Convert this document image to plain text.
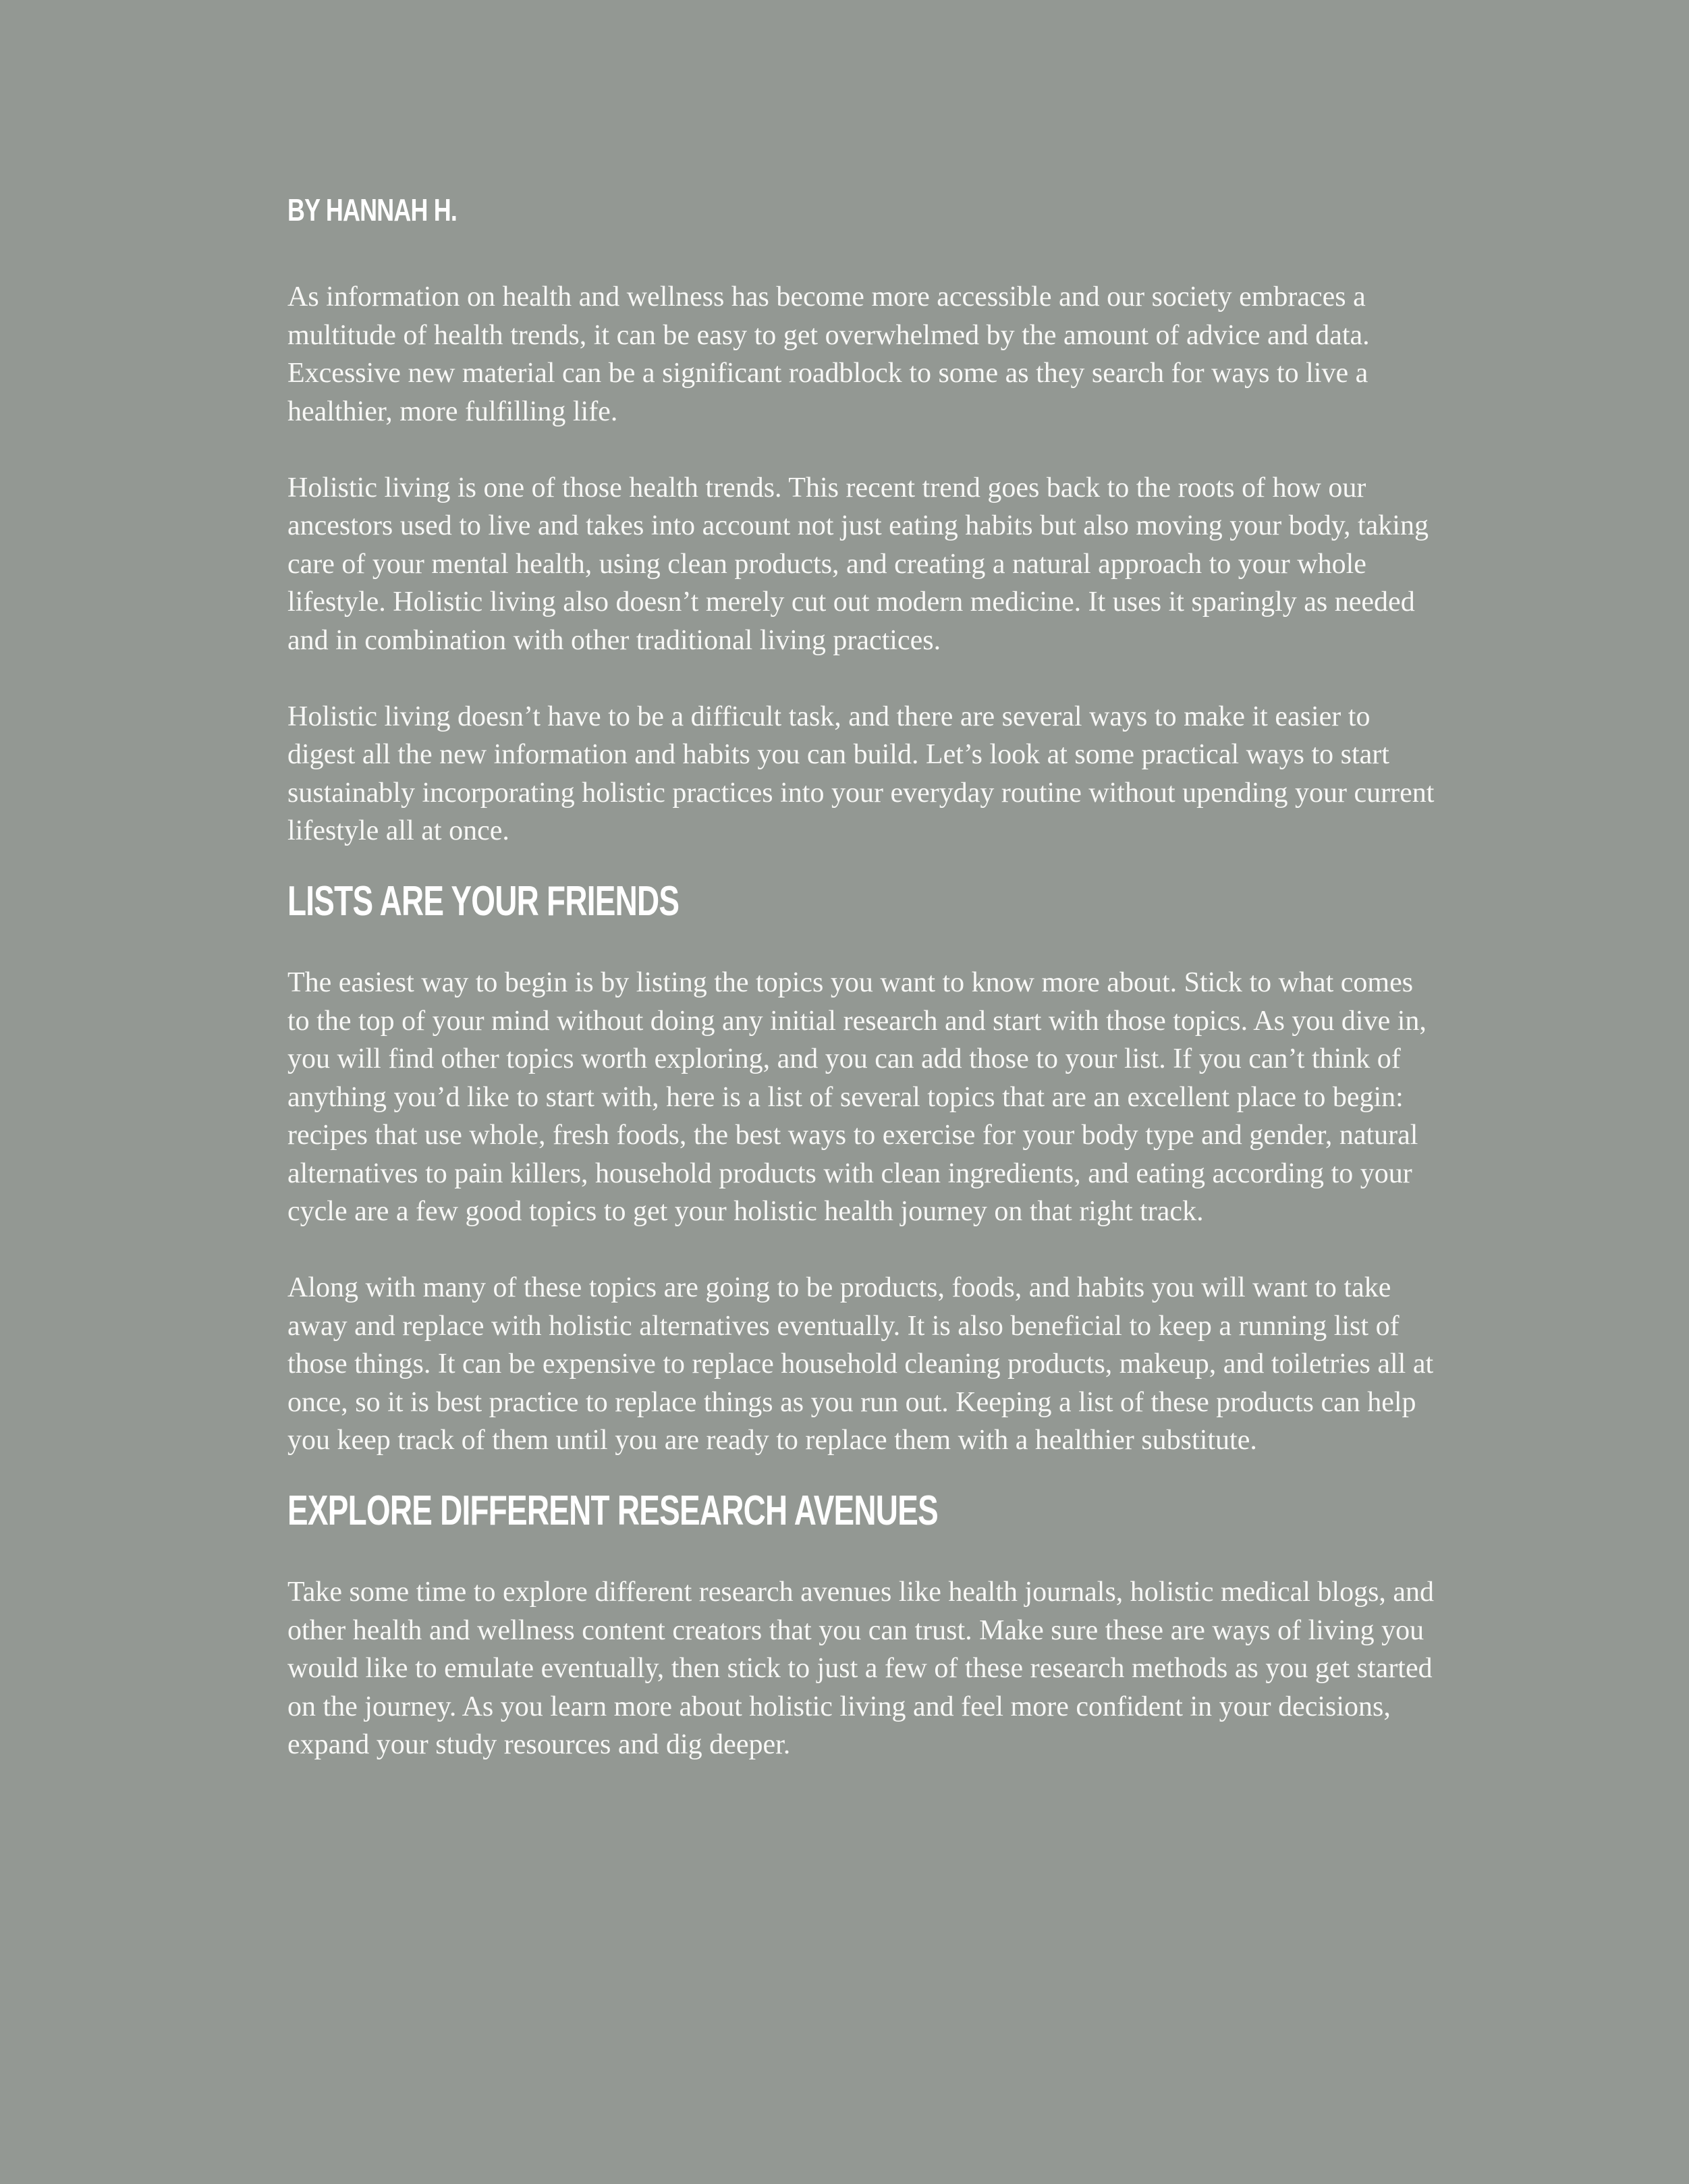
BY HANNAH H.

As information on health and wellness has become more accessible and our society embraces a multitude of health trends, it can be easy to get overwhelmed by the amount of advice and data. Excessive new material can be a significant roadblock to some as they search for ways to live a healthier, more fulfilling life.

Holistic living is one of those health trends. This recent trend goes back to the roots of how our ancestors used to live and takes into account not just eating habits but also moving your body, taking care of your mental health, using clean products, and creating a natural approach to your whole lifestyle. Holistic living also doesn’t merely cut out modern medicine. It uses it sparingly as needed and in combination with other traditional living practices.

Holistic living doesn’t have to be a difficult task, and there are several ways to make it easier to digest all the new information and habits you can build. Let’s look at some practical ways to start sustainably incorporating holistic practices into your everyday routine without upending your current lifestyle all at once.

LISTS ARE YOUR FRIENDS

The easiest way to begin is by listing the topics you want to know more about. Stick to what comes to the top of your mind without doing any initial research and start with those topics. As you dive in, you will find other topics worth exploring, and you can add those to your list. If you can’t think of anything you’d like to start with, here is a list of several topics that are an excellent place to begin: recipes that use whole, fresh foods, the best ways to exercise for your body type and gender, natural alternatives to pain killers, household products with clean ingredients, and eating according to your cycle are a few good topics to get your holistic health journey on that right track.

Along with many of these topics are going to be products, foods, and habits you will want to take away and replace with holistic alternatives eventually. It is also beneficial to keep a running list of those things. It can be expensive to replace household cleaning products, makeup, and toiletries all at once, so it is best practice to replace things as you run out. Keeping a list of these products can help you keep track of them until you are ready to replace them with a healthier substitute.

EXPLORE DIFFERENT RESEARCH AVENUES

Take some time to explore different research avenues like health journals, holistic medical blogs, and other health and wellness content creators that you can trust. Make sure these are ways of living you would like to emulate eventually, then stick to just a few of these research methods as you get started on the journey. As you learn more about holistic living and feel more confident in your decisions, expand your study resources and dig deeper.
